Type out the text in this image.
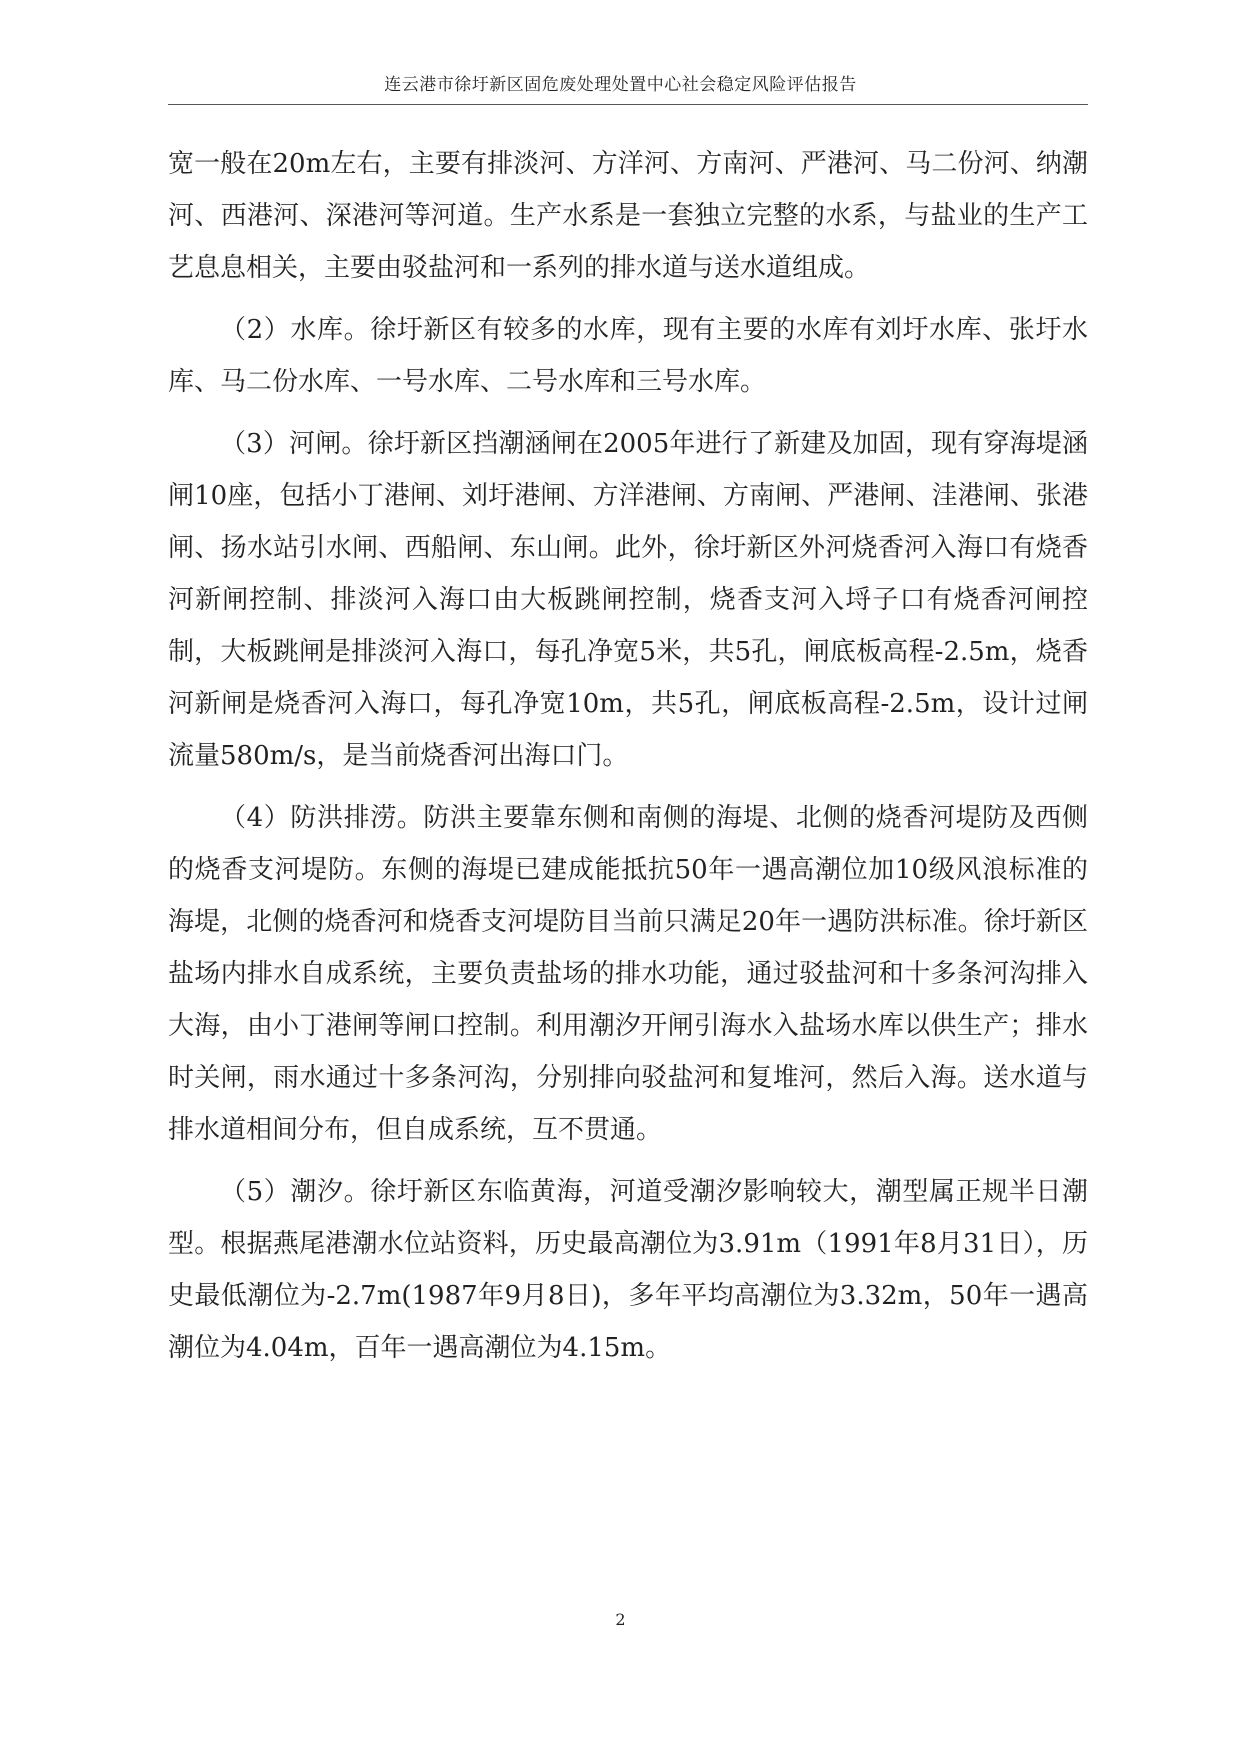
连云港市徐圩新区固危废处理处置中心社会稳定风险评估报告

宽一般在20m左右，主要有排淡河、方洋河、方南河、严港河、马二份河、纳潮河、西港河、深港河等河道。生产水系是一套独立完整的水系，与盐业的生产工艺息息相关，主要由驳盐河和一系列的排水道与送水道组成。

（2）水库。徐圩新区有较多的水库，现有主要的水库有刘圩水库、张圩水库、马二份水库、一号水库、二号水库和三号水库。

（3）河闸。徐圩新区挡潮涵闸在2005年进行了新建及加固，现有穿海堤涵闸10座，包括小丁港闸、刘圩港闸、方洋港闸、方南闸、严港闸、洼港闸、张港闸、扬水站引水闸、西船闸、东山闸。此外，徐圩新区外河烧香河入海口有烧香河新闸控制、排淡河入海口由大板跳闸控制，烧香支河入埒子口有烧香河闸控制，大板跳闸是排淡河入海口，每孔净宽5米，共5孔，闸底板高程-2.5m，烧香河新闸是烧香河入海口，每孔净宽10m，共5孔，闸底板高程-2.5m，设计过闸流量580m/s，是当前烧香河出海口门。

（4）防洪排涝。防洪主要靠东侧和南侧的海堤、北侧的烧香河堤防及西侧的烧香支河堤防。东侧的海堤已建成能抵抗50年一遇高潮位加10级风浪标准的海堤，北侧的烧香河和烧香支河堤防目当前只满足20年一遇防洪标准。徐圩新区盐场内排水自成系统，主要负责盐场的排水功能，通过驳盐河和十多条河沟排入大海，由小丁港闸等闸口控制。利用潮汐开闸引海水入盐场水库以供生产；排水时关闸，雨水通过十多条河沟，分别排向驳盐河和复堆河，然后入海。送水道与排水道相间分布，但自成系统，互不贯通。

（5）潮汐。徐圩新区东临黄海，河道受潮汐影响较大，潮型属正规半日潮型。根据燕尾港潮水位站资料，历史最高潮位为3.91m（1991年8月31日），历史最低潮位为-2.7m(1987年9月8日)，多年平均高潮位为3.32m，50年一遇高潮位为4.04m，百年一遇高潮位为4.15m。

2
